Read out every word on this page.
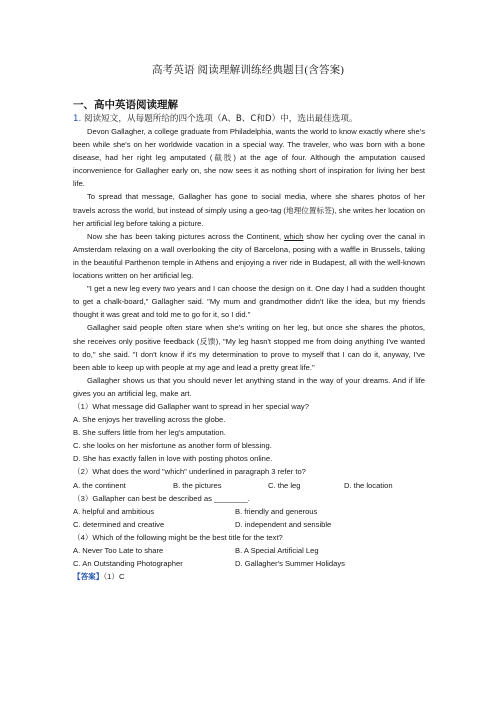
高考英语 阅读理解训练经典题目(含答案)
一、高中英语阅读理解
1. 阅读短文，从每题所给的四个选项（A、B、C和D）中，选出最佳选项。

Devon Gallagher, a college graduate from Philadelphia, wants the world to know exactly where she's been while she's on her worldwide vacation in a special way. The traveler, who was born with a bone disease, had her right leg amputated (截肢) at the age of four. Although the amputation caused inconvenience for Gallagher early on, she now sees it as nothing short of inspiration for living her best life.

To spread that message, Gallagher has gone to social media, where she shares photos of her travels across the world, but instead of simply using a geo-tag (地理位置标签), she writes her location on her artificial leg before taking a picture.

Now she has been taking pictures across the Continent, which show her cycling over the canal in Amsterdam relaxing on a wall overlooking the city of Barcelona, posing with a waffle in Brussels, taking in the beautiful Parthenon temple in Athens and enjoying a river ride in Budapest, all with the well-known locations written on her artificial leg.

"I get a new leg every two years and I can choose the design on it. One day I had a sudden thought to get a chalk-board," Gallagher said. "My mum and grandmother didn't like the idea, but my friends thought it was great and told me to go for it, so I did."

Gallagher said people often stare when she's writing on her leg, but once she shares the photos, she receives only positive feedback (反馈), "My leg hasn't stopped me from doing anything I've wanted to do," she said. "I don't know if it's my determination to prove to myself that I can do it, anyway, I've been able to keep up with people at my age and lead a pretty great life."

Gallagher shows us that you should never let anything stand in the way of your dreams. And if life gives you an artificial leg, make art.

（1）What message did Gallapher want to spread in her special way?

A. She enjoys her travelling across the globe.

B. She suffers little from her leg's amputation.

C. she looks on her misfortune as another form of blessing.

D. She has exactly fallen in love with posting photos online.

（2）What does the word "which" underlined in paragraph 3 refer to?

A. the continent	B. the pictures	C. the leg	D. the location

（3）Gallapher can best be described as ________.

A. helpful and ambitious	B. friendly and generous
C. determined and creative	D. independent and sensible

（4）Which of the following might be the best title for the text?

A. Never Too Late to share	B. A Special Artificial Leg
C. An Outstanding Photographer	D. Gallagher's Summer Holidays

【答案】（1）C
